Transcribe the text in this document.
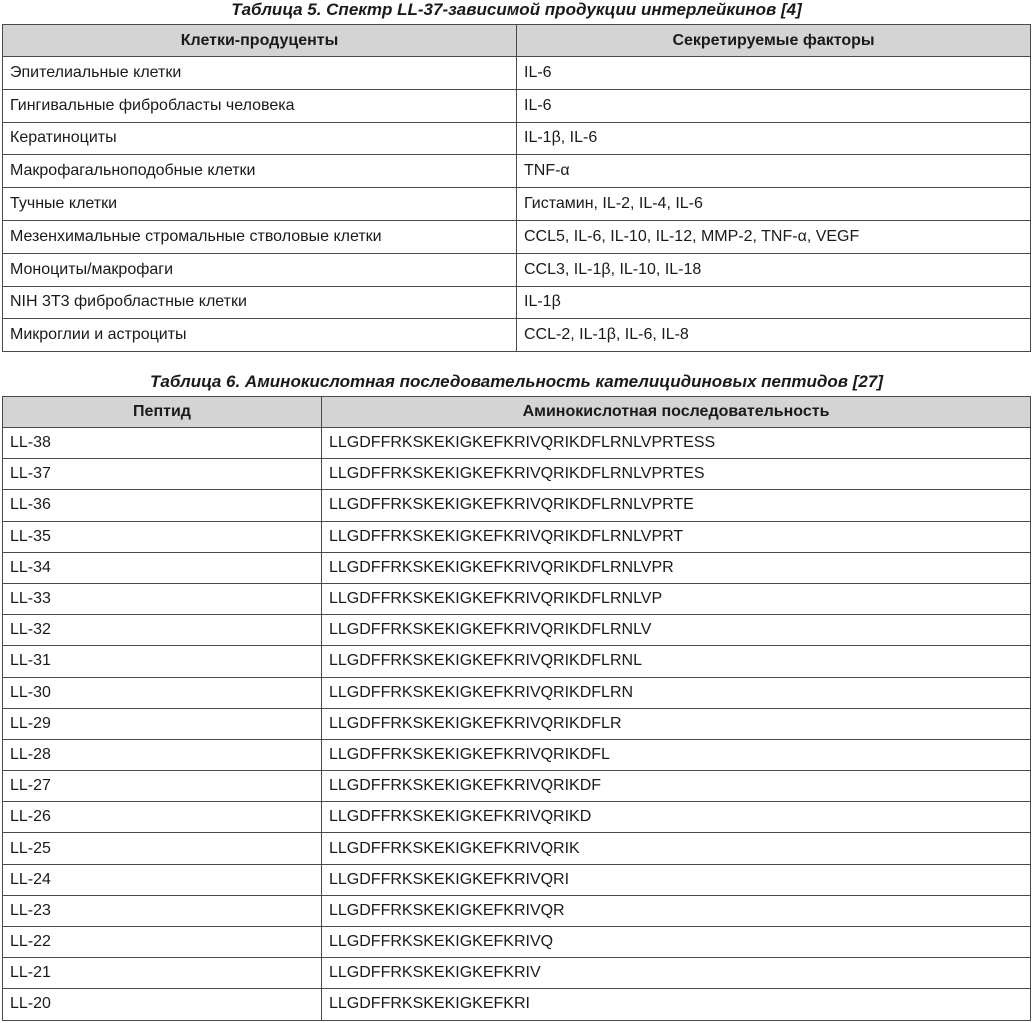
Таблица 5. Спектр LL-37-зависимой продукции интерлейкинов [4]
Клетки-продуценты	Секретируемые факторы
Эпителиальные клетки	IL-6
Гингивальные фибробласты человека	IL-6
Кератиноциты	IL-1β, IL-6
Макрофагальноподобные клетки	TNF-α
Тучные клетки	Гистамин, IL-2, IL-4, IL-6
Мезенхимальные стромальные стволовые клетки	CCL5, IL-6, IL-10, IL-12, MMP-2, TNF-α, VEGF
Моноциты/макрофаги	CCL3, IL-1β, IL-10, IL-18
NIH 3T3 фибробластные клетки	IL-1β
Микроглии и астроциты	CCL-2, IL-1β, IL-6, IL-8
Таблица 6. Аминокислотная последовательность кателицидиновых пептидов [27]
Пептид	Аминокислотная последовательность
LL-38	LLGDFFRKSKEKIGKEFKRIVQRIKDFLRNLVPRTESS
LL-37	LLGDFFRKSKEKIGKEFKRIVQRIKDFLRNLVPRTES
LL-36	LLGDFFRKSKEKIGKEFKRIVQRIKDFLRNLVPRTE
LL-35	LLGDFFRKSKEKIGKEFKRIVQRIKDFLRNLVPRT
LL-34	LLGDFFRKSKEKIGKEFKRIVQRIKDFLRNLVPR
LL-33	LLGDFFRKSKEKIGKEFKRIVQRIKDFLRNLVP
LL-32	LLGDFFRKSKEKIGKEFKRIVQRIKDFLRNLV
LL-31	LLGDFFRKSKEKIGKEFKRIVQRIKDFLRNL
LL-30	LLGDFFRKSKEKIGKEFKRIVQRIKDFLRN
LL-29	LLGDFFRKSKEKIGKEFKRIVQRIKDFLR
LL-28	LLGDFFRKSKEKIGKEFKRIVQRIKDFL
LL-27	LLGDFFRKSKEKIGKEFKRIVQRIKDF
LL-26	LLGDFFRKSKEKIGKEFKRIVQRIKD
LL-25	LLGDFFRKSKEKIGKEFKRIVQRIK
LL-24	LLGDFFRKSKEKIGKEFKRIVQRI
LL-23	LLGDFFRKSKEKIGKEFKRIVQR
LL-22	LLGDFFRKSKEKIGKEFKRIVQ
LL-21	LLGDFFRKSKEKIGKEFKRIV
LL-20	LLGDFFRKSKEKIGKEFKRI
